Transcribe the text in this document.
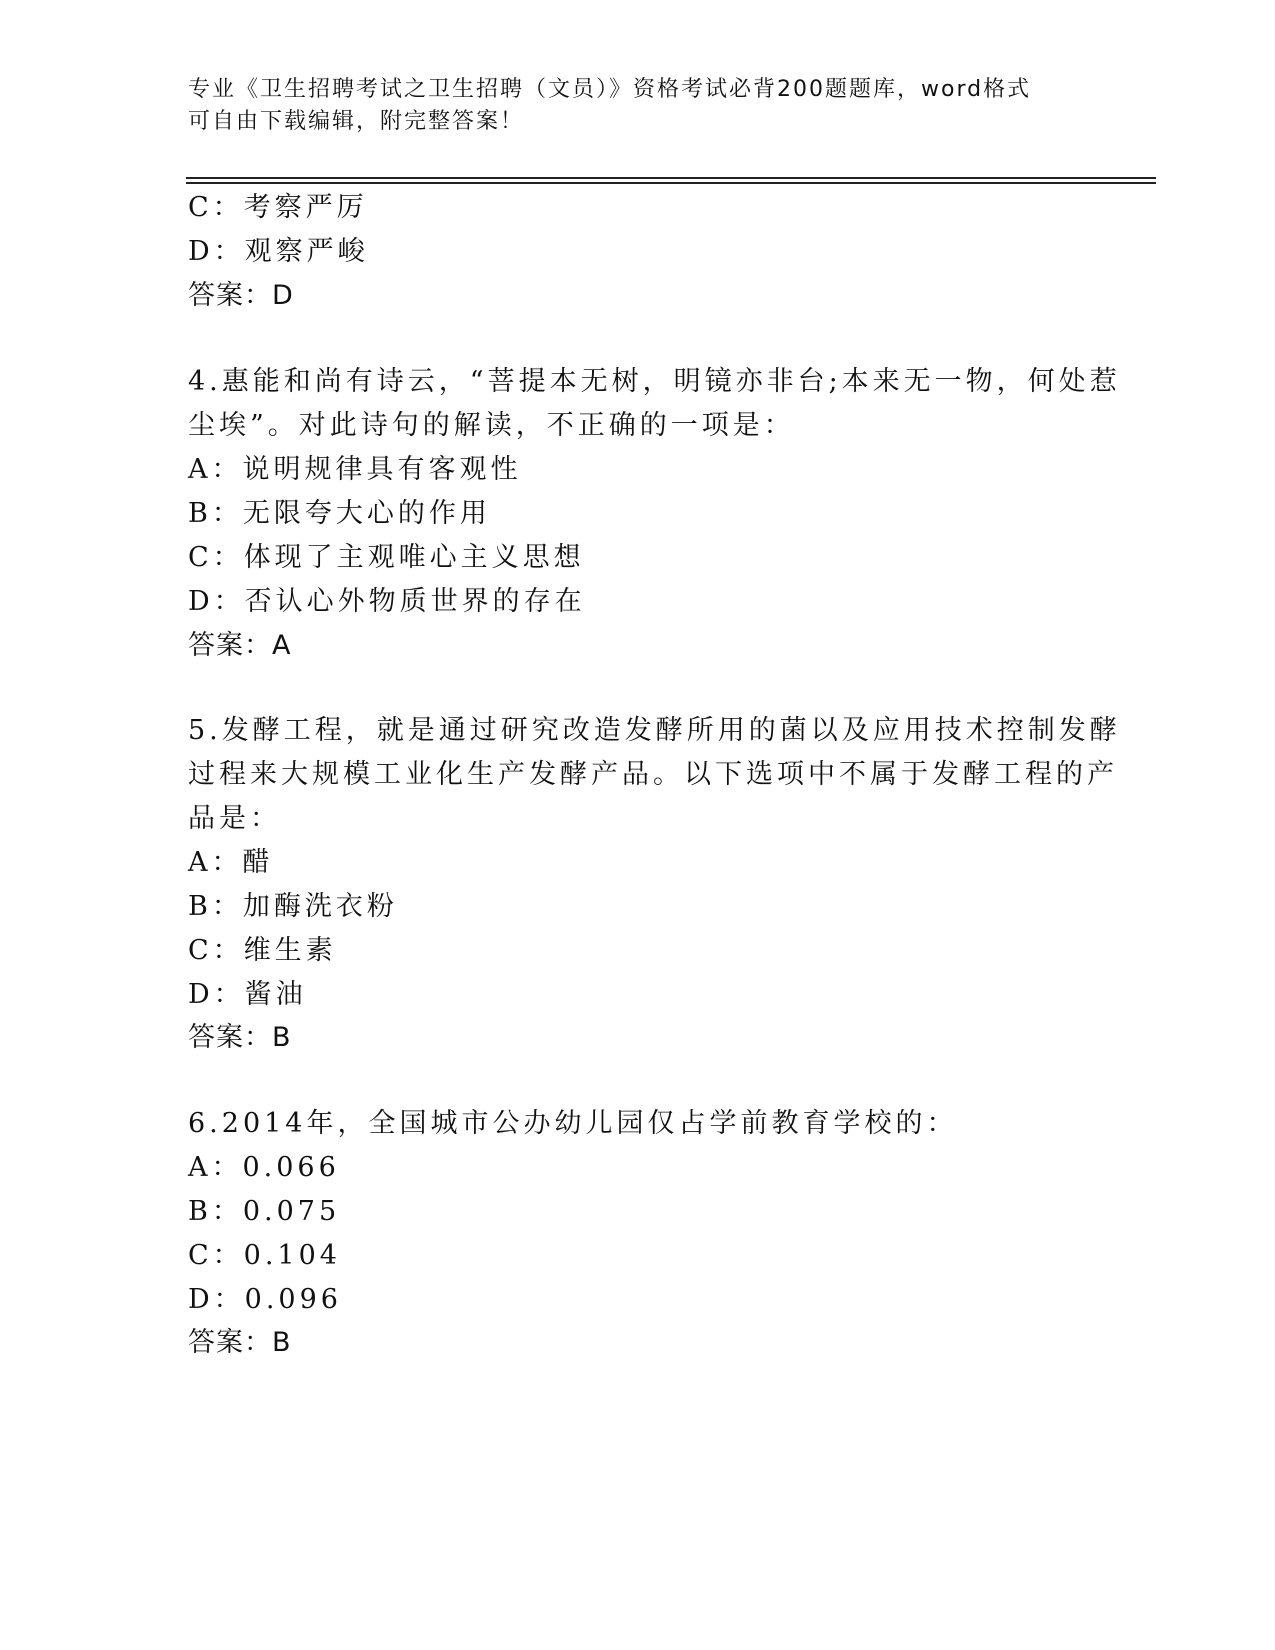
专业《卫生招聘考试之卫生招聘（文员）》资格考试必背200题题库，word格式
可自由下载编辑，附完整答案！
C：考察严厉
D：观察严峻
答案：D
4.惠能和尚有诗云，“菩提本无树，明镜亦非台;本来无一物，何处惹
尘埃”。对此诗句的解读，不正确的一项是：
A：说明规律具有客观性
B：无限夸大心的作用
C：体现了主观唯心主义思想
D：否认心外物质世界的存在
答案：A
5.发酵工程，就是通过研究改造发酵所用的菌以及应用技术控制发酵
过程来大规模工业化生产发酵产品。以下选项中不属于发酵工程的产
品是：
A：醋
B：加酶洗衣粉
C：维生素
D：酱油
答案：B
6.2014年，全国城市公办幼儿园仅占学前教育学校的：
A：0.066
B：0.075
C：0.104
D：0.096
答案：B
